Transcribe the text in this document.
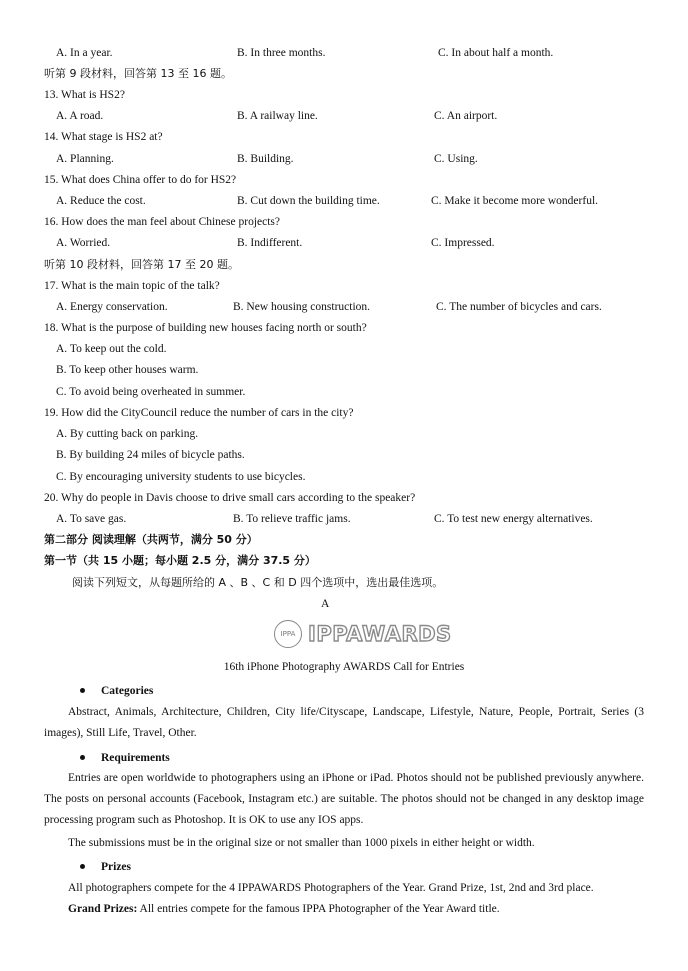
A. In a year.	B. In three months.	C. In about half a month.
听第 9 段材料，回答第 13 至 16 题。
13. What is HS2?
A. A road.	B. A railway line.	C. An airport.
14. What stage is HS2 at?
A. Planning.	B. Building.	C. Using.
15. What does China offer to do for HS2?
A. Reduce the cost.	B. Cut down the building time.	C. Make it become more wonderful.
16. How does the man feel about Chinese projects?
A. Worried.	B. Indifferent.	C. Impressed.
听第 10 段材料，回答第 17 至 20 题。
17. What is the main topic of the talk?
A. Energy conservation.	B. New housing construction.	C. The number of bicycles and cars.
18. What is the purpose of building new houses facing north or south?
A. To keep out the cold.
B. To keep other houses warm.
C. To avoid being overheated in summer.
19. How did the CityCouncil reduce the number of cars in the city?
A. By cutting back on parking.
B. By building 24 miles of bicycle paths.
C. By encouraging university students to use bicycles.
20. Why do people in Davis choose to drive small cars according to the speaker?
A. To save gas.	B. To relieve traffic jams.	C. To test new energy alternatives.
第二部分 阅读理解（共两节，满分 50 分）
第一节（共 15 小题；每小题 2.5 分，满分 37.5 分）
阅读下列短文，从每题所给的 A 、B 、C 和 D 四个选项中，选出最佳选项。
A
IPPA IPPAWARDS
16th iPhone Photography AWARDS Call for Entries
Categories
Abstract, Animals, Architecture, Children, City life/Cityscape, Landscape, Lifestyle, Nature, People, Portrait, Series (3 images), Still Life, Travel, Other.
Requirements
Entries are open worldwide to photographers using an iPhone or iPad. Photos should not be published previously anywhere. The posts on personal accounts (Facebook, Instagram etc.) are suitable. The photos should not be changed in any desktop image processing program such as Photoshop. It is OK to use any IOS apps.
The submissions must be in the original size or not smaller than 1000 pixels in either height or width.
Prizes
All photographers compete for the 4 IPPAWARDS Photographers of the Year. Grand Prize, 1st, 2nd and 3rd place.
Grand Prizes: All entries compete for the famous IPPA Photographer of the Year Award title.
